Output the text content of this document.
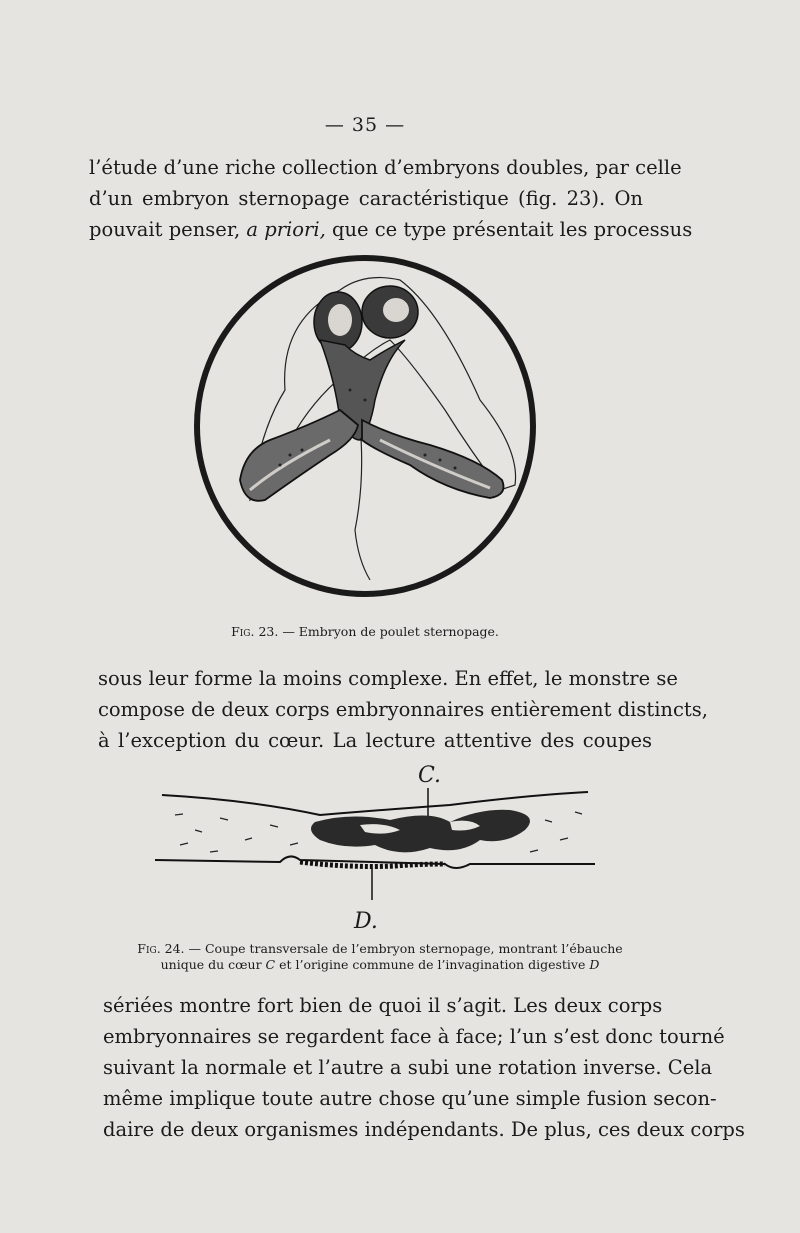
— 35 —
l’étude d’une riche collection d’embryons doubles, par celle
d’un embryon sternopage caractéristique (fig. 23). On
pouvait penser, a priori, que ce type présentait les processus
Fig. 23. — Embryon de poulet sternopage.
sous leur forme la moins complexe. En effet, le monstre se
compose de deux corps embryonnaires entièrement distincts,
à l’exception du cœur. La lecture attentive des coupes
C.
D.
Fig. 24. — Coupe transversale de l’embryon sternopage, montrant l’ébauche
unique du cœur C et l’origine commune de l’invagination digestive D
sériées montre fort bien de quoi il s’agit. Les deux corps
embryonnaires se regardent face à face; l’un s’est donc tourné
suivant la normale et l’autre a subi une rotation inverse. Cela
même implique toute autre chose qu’une simple fusion secon-
daire de deux organismes indépendants. De plus, ces deux corps
